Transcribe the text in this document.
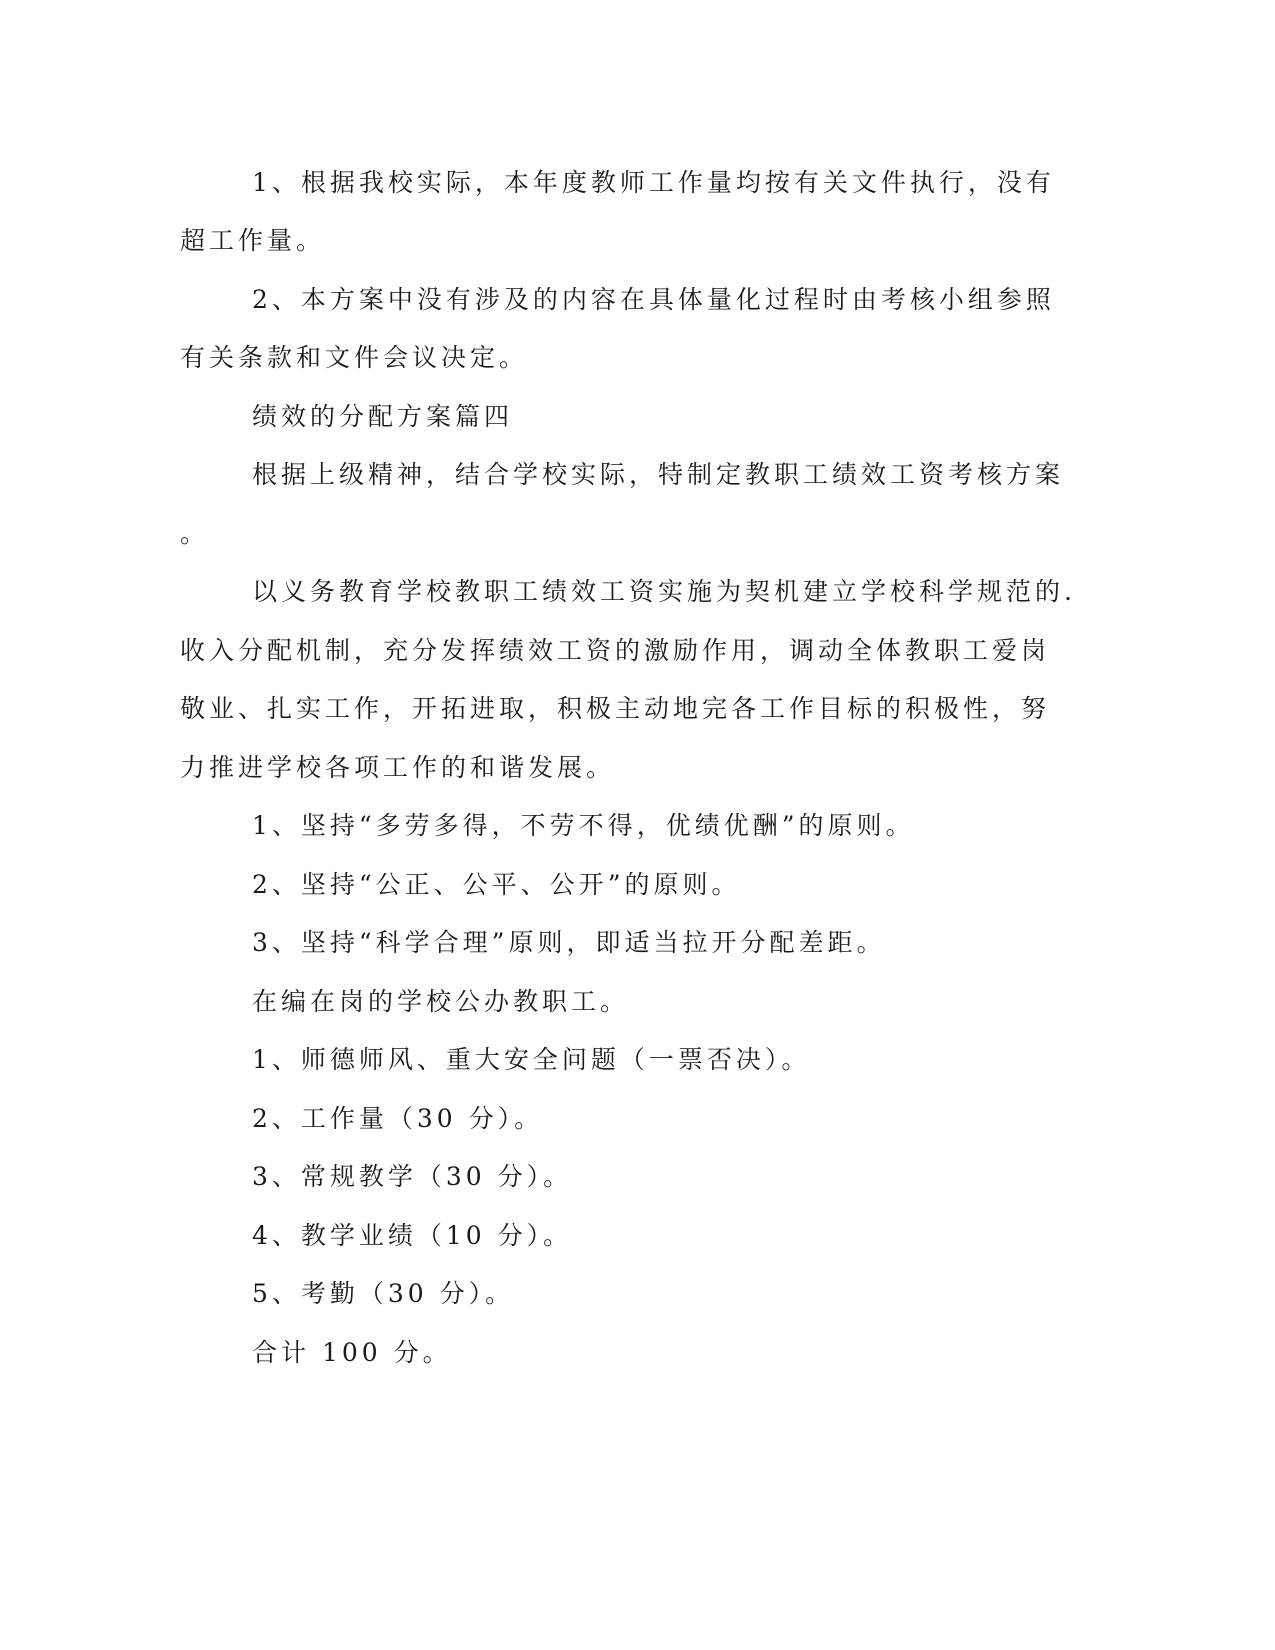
1、根据我校实际，本年度教师工作量均按有关文件执行，没有
超工作量。
2、本方案中没有涉及的内容在具体量化过程时由考核小组参照
有关条款和文件会议决定。
绩效的分配方案篇四
根据上级精神，结合学校实际，特制定教职工绩效工资考核方案
。
以义务教育学校教职工绩效工资实施为契机建立学校科学规范的.
收入分配机制，充分发挥绩效工资的激励作用，调动全体教职工爱岗
敬业、扎实工作，开拓进取，积极主动地完各工作目标的积极性，努
力推进学校各项工作的和谐发展。
1、坚持“多劳多得，不劳不得，优绩优酬”的原则。
2、坚持“公正、公平、公开”的原则。
3、坚持“科学合理”原则，即适当拉开分配差距。
在编在岗的学校公办教职工。
1、师德师风、重大安全问题（一票否决）。
2、工作量（30 分）。
3、常规教学（30 分）。
4、教学业绩（10 分）。
5、考勤（30 分）。
合计 100 分。
